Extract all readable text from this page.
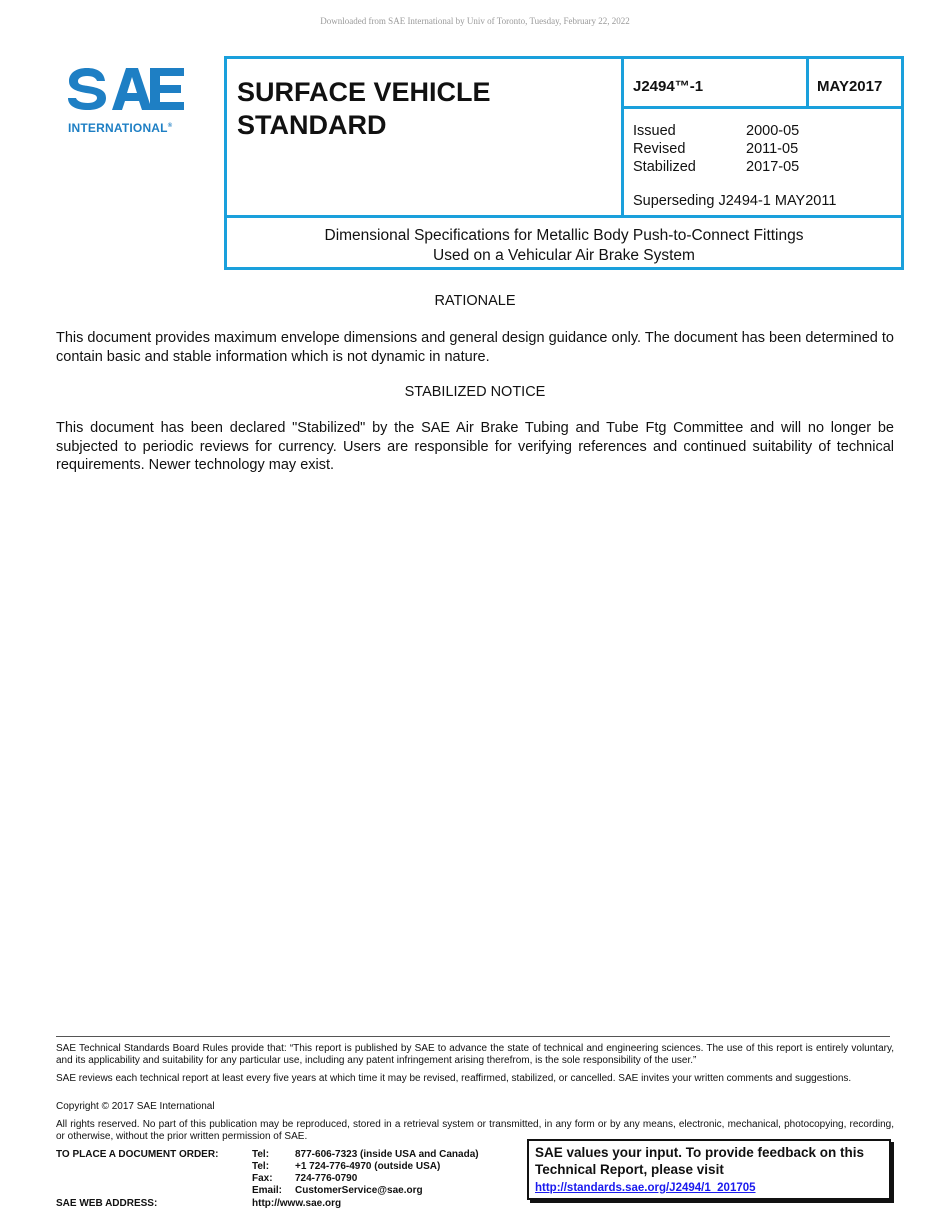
Downloaded from SAE International by Univ of Toronto, Tuesday, February 22, 2022
INTERNATIONAL®
SURFACE VEHICLE
STANDARD
J2494™-1	MAY2017
Issued	2000-05
Revised	2011-05
Stabilized	2017-05
Superseding J2494-1 MAY2011
Dimensional Specifications for Metallic Body Push-to-Connect Fittings
Used on a Vehicular Air Brake System
RATIONALE
This document provides maximum envelope dimensions and general design guidance only. The document has been determined to contain basic and stable information which is not dynamic in nature.
STABILIZED NOTICE
This document has been declared "Stabilized" by the SAE Air Brake Tubing and Tube Ftg Committee and will no longer be subjected to periodic reviews for currency. Users are responsible for verifying references and continued suitability of technical requirements. Newer technology may exist.
SAE Technical Standards Board Rules provide that: “This report is published by SAE to advance the state of technical and engineering sciences. The use of this report is entirely voluntary, and its applicability and suitability for any particular use, including any patent infringement arising therefrom, is the sole responsibility of the user.”
SAE reviews each technical report at least every five years at which time it may be revised, reaffirmed, stabilized, or cancelled. SAE invites your written comments and suggestions.
Copyright © 2017 SAE International
All rights reserved. No part of this publication may be reproduced, stored in a retrieval system or transmitted, in any form or by any means, electronic, mechanical, photocopying, recording, or otherwise, without the prior written permission of SAE.
TO PLACE A DOCUMENT ORDER:	Tel:	877-606-7323 (inside USA and Canada)
Tel:	+1 724-776-4970 (outside USA)
Fax:	724-776-0790
Email:	CustomerService@sae.org
SAE WEB ADDRESS:	http://www.sae.org
SAE values your input. To provide feedback on this
Technical Report, please visit
http://standards.sae.org/J2494/1_201705
